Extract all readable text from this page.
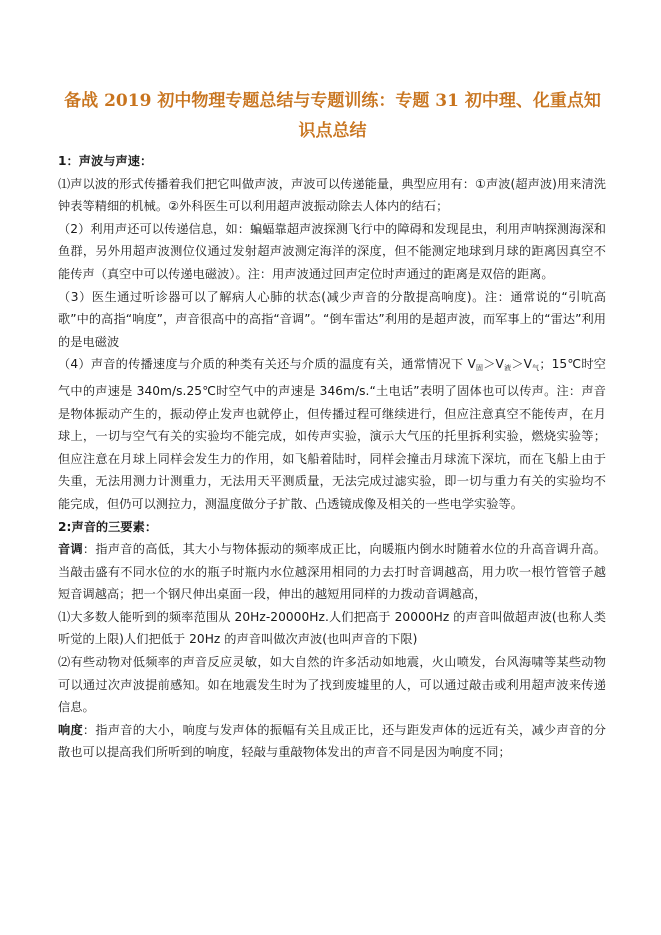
备战 2019 初中物理专题总结与专题训练：专题 31 初中理、化重点知识点总结

1：声波与声速：

⑴声以波的形式传播着我们把它叫做声波，声波可以传递能量，典型应用有：①声波(超声波)用来清洗钟表等精细的机械。②外科医生可以利用超声波振动除去人体内的结石；

（2）利用声还可以传递信息，如：蝙蝠靠超声波探测飞行中的障碍和发现昆虫，利用声呐探测海深和鱼群，另外用超声波测位仪通过发射超声波测定海洋的深度，但不能测定地球到月球的距离因真空不能传声（真空中可以传递电磁波）。注：用声波通过回声定位时声通过的距离是双倍的距离。

（3）医生通过听诊器可以了解病人心肺的状态(减少声音的分散提高响度)。注：通常说的“引吭高歌”中的高指“响度”，声音很高中的高指“音调”。“倒车雷达”利用的是超声波，而军事上的“雷达”利用的是电磁波

（4）声音的传播速度与介质的种类有关还与介质的温度有关，通常情况下 $V_固>V_液>V_气$；15℃时空气中的声速是 340m/s.25℃时空气中的声速是 346m/s.“土电话”表明了固体也可以传声。注：声音是物体振动产生的，振动停止发声也就停止，但传播过程可继续进行，但应注意真空不能传声，在月球上，一切与空气有关的实验均不能完成，如传声实验，演示大气压的托里拆利实验，燃烧实验等；但应注意在月球上同样会发生力的作用，如飞船着陆时，同样会撞击月球流下深坑，而在飞船上由于失重，无法用测力计测重力，无法用天平测质量，无法完成过滤实验，即一切与重力有关的实验均不能完成，但仍可以测拉力，测温度做分子扩散、凸透镜成像及相关的一些电学实验等。

2:声音的三要素：

音调：指声音的高低，其大小与物体振动的频率成正比，向暖瓶内倒水时随着水位的升高音调升高。当敲击盛有不同水位的水的瓶子时瓶内水位越深用相同的力去打时音调越高，用力吹一根竹管管子越短音调越高；把一个钢尺伸出桌面一段，伸出的越短用同样的力拨动音调越高，

⑴大多数人能听到的频率范围从 20Hz-20000Hz.人们把高于 20000Hz 的声音叫做超声波(也称人类听觉的上限)人们把低于 20Hz 的声音叫做次声波(也叫声音的下限)

⑵有些动物对低频率的声音反应灵敏，如大自然的许多活动如地震，火山喷发，台风海啸等某些动物可以通过次声波提前感知。如在地震发生时为了找到废墟里的人，可以通过敲击或利用超声波来传递信息。

响度：指声音的大小，响度与发声体的振幅有关且成正比，还与距发声体的远近有关，减少声音的分散也可以提高我们所听到的响度，轻敲与重敲物体发出的声音不同是因为响度不同；
